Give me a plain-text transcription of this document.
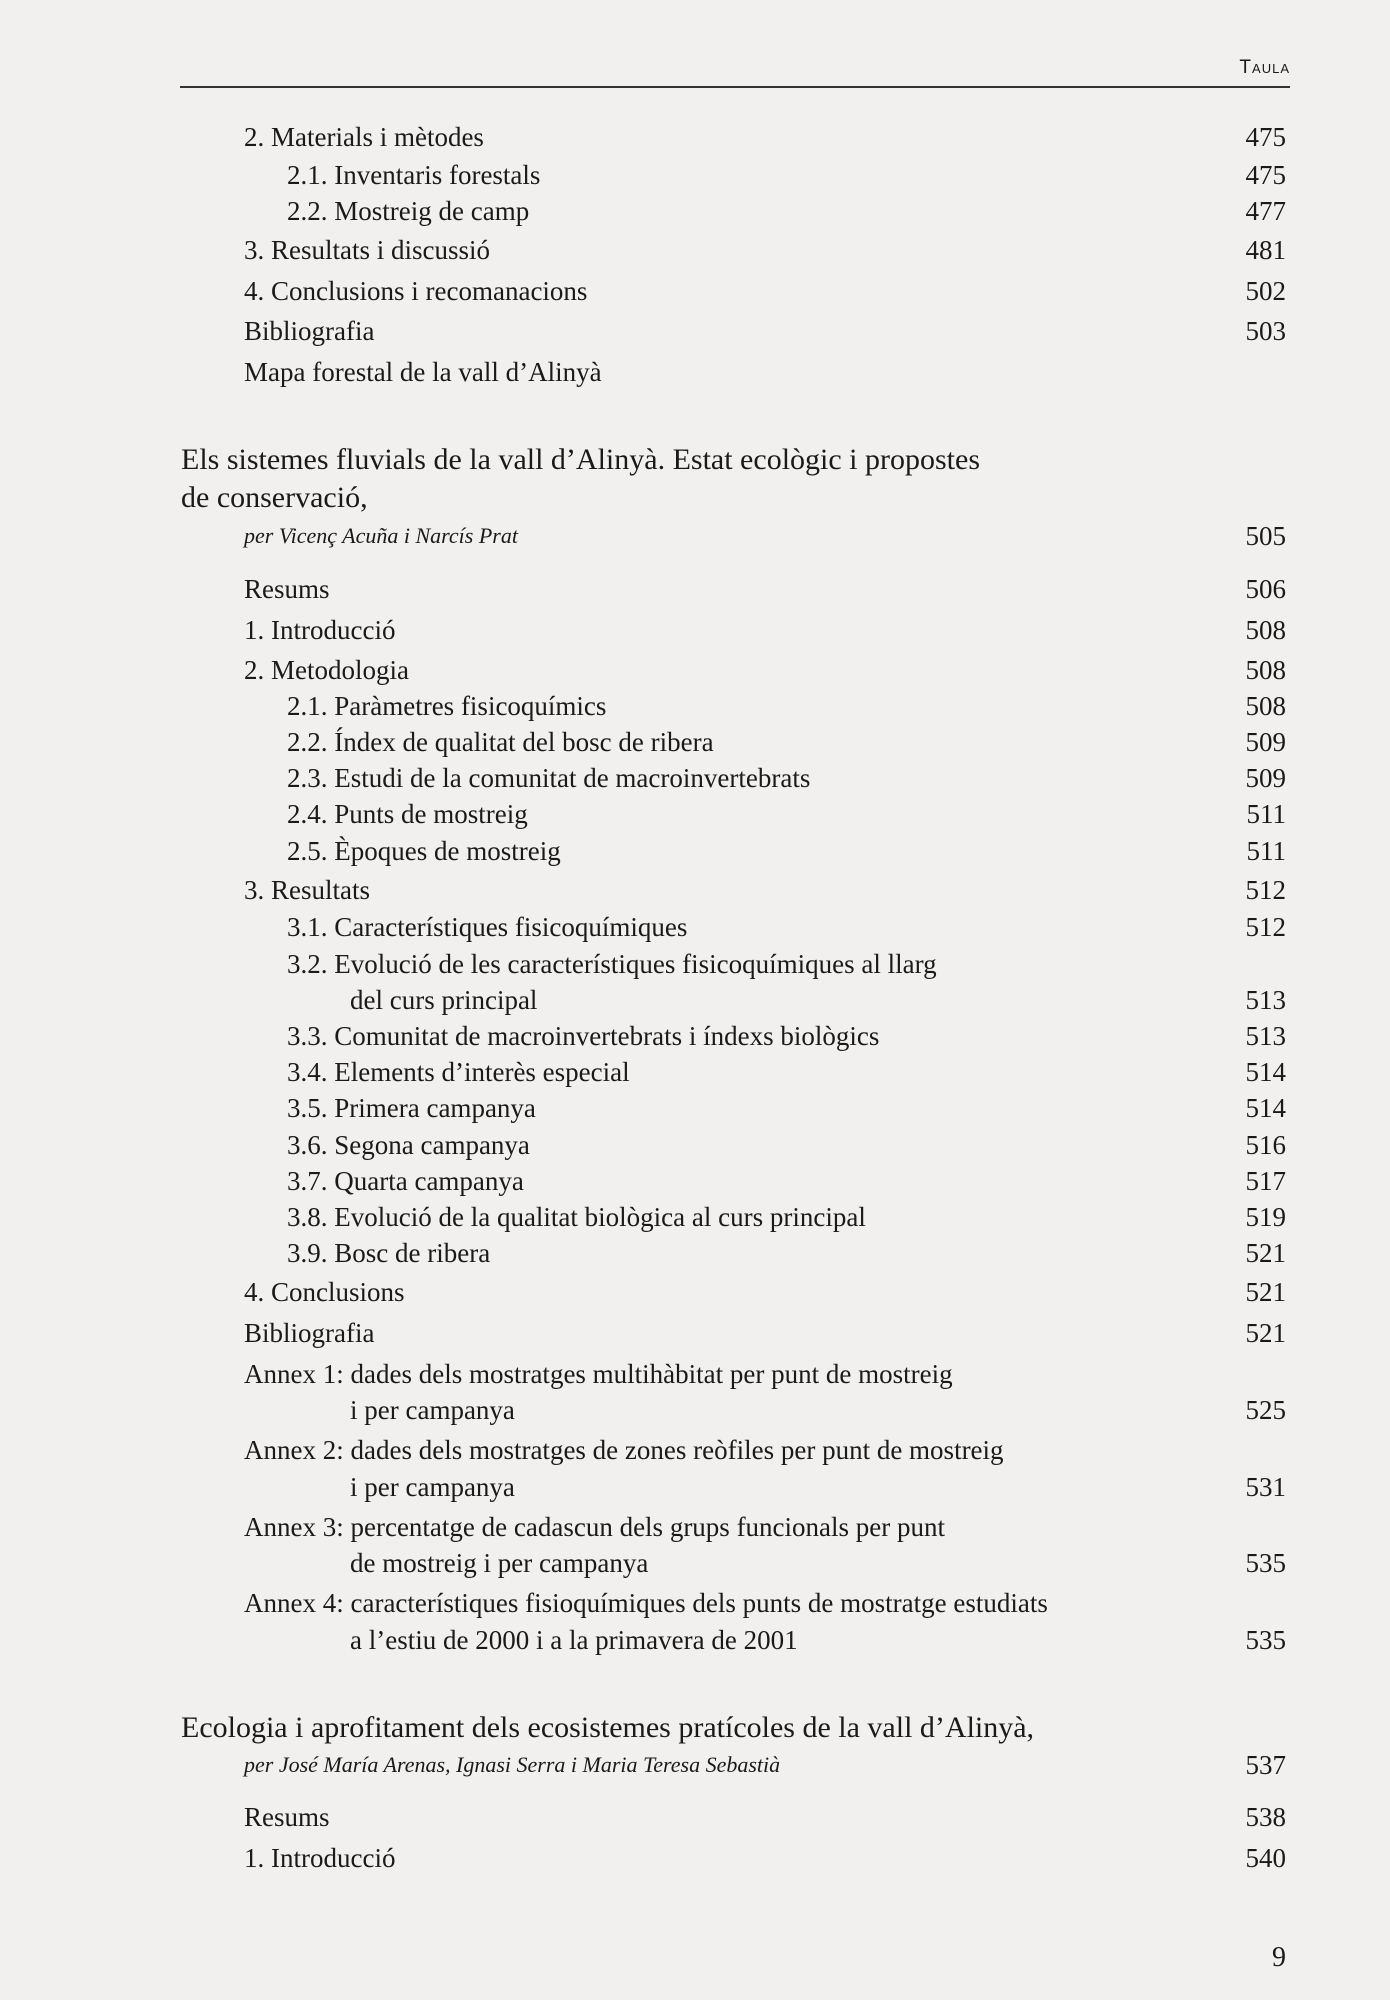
Taula
2. Materials i mètodes	475
2.1. Inventaris forestals	475
2.2. Mostreig de camp	477
3. Resultats i discussió	481
4. Conclusions i recomanacions	502
Bibliografia	503
Mapa forestal de la vall d’Alinyà
Els sistemes fluvials de la vall d’Alinyà. Estat ecològic i propostes
de conservació,
per Vicenç Acuña i Narcís Prat	505
Resums	506
1. Introducció	508
2. Metodologia	508
2.1. Paràmetres fisicoquímics	508
2.2. Índex de qualitat del bosc de ribera	509
2.3. Estudi de la comunitat de macroinvertebrats	509
2.4. Punts de mostreig	511
2.5. Èpoques de mostreig	511
3. Resultats	512
3.1. Característiques fisicoquímiques	512
3.2. Evolució de les característiques fisicoquímiques al llarg
del curs principal	513
3.3. Comunitat de macroinvertebrats i índexs biològics	513
3.4. Elements d’interès especial	514
3.5. Primera campanya	514
3.6. Segona campanya	516
3.7. Quarta campanya	517
3.8. Evolució de la qualitat biològica al curs principal	519
3.9. Bosc de ribera	521
4. Conclusions	521
Bibliografia	521
Annex 1: dades dels mostratges multihàbitat per punt de mostreig
i per campanya	525
Annex 2: dades dels mostratges de zones reòfiles per punt de mostreig
i per campanya	531
Annex 3: percentatge de cadascun dels grups funcionals per punt
de mostreig i per campanya	535
Annex 4: característiques fisioquímiques dels punts de mostratge estudiats
a l’estiu de 2000 i a la primavera de 2001	535
Ecologia i aprofitament dels ecosistemes pratícoles de la vall d’Alinyà,
per José María Arenas, Ignasi Serra i Maria Teresa Sebastià	537
Resums	538
1. Introducció	540
9
